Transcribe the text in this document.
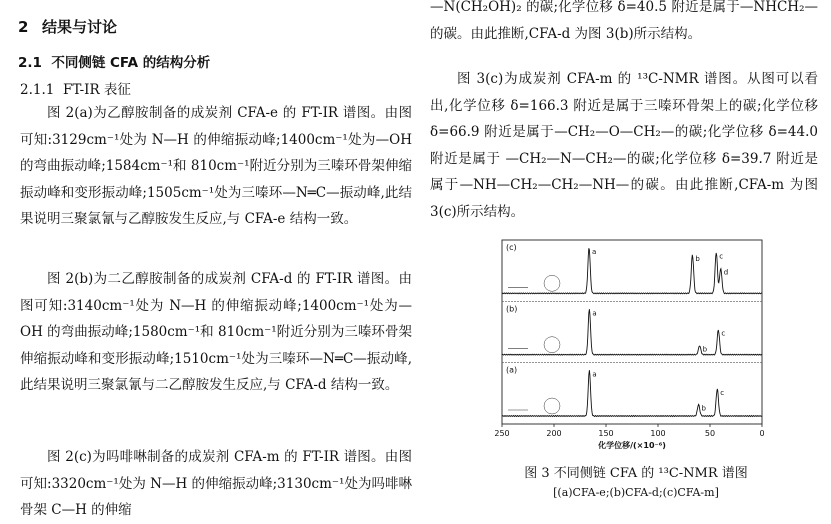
2 结果与讨论
2.1 不同侧链 CFA 的结构分析
2.1.1 FT-IR 表征

图 2(a)为乙醇胺制备的成炭剂 CFA-e 的 FT-IR 谱图。由图可知:3129cm⁻¹处为 N—H 的伸缩振动峰;1400cm⁻¹处为—OH 的弯曲振动峰;1584cm⁻¹和 810cm⁻¹附近分别为三嗪环骨架伸缩振动峰和变形振动峰;1505cm⁻¹处为三嗪环—N═C—振动峰,此结果说明三聚氯氰与乙醇胺发生反应,与 CFA-e 结构一致。

图 2(b)为二乙醇胺制备的成炭剂 CFA-d 的 FT-IR 谱图。由图可知:3140cm⁻¹处为 N—H 的伸缩振动峰;1400cm⁻¹处为—OH 的弯曲振动峰;1580cm⁻¹和 810cm⁻¹附近分别为三嗪环骨架伸缩振动峰和变形振动峰;1510cm⁻¹处为三嗪环—N═C—振动峰,此结果说明三聚氯氰与二乙醇胺发生反应,与 CFA-d 结构一致。

图 2(c)为吗啡啉制备的成炭剂 CFA-m 的 FT-IR 谱图。由图可知:3320cm⁻¹处为 N—H 的伸缩振动峰;3130cm⁻¹处为吗啡啉骨架 C—H 的伸缩

—N(CH₂OH)₂ 的碳;化学位移 δ=40.5 附近是属于—NHCH₂—的碳。由此推断,CFA-d 为图 3(b)所示结构。

图 3(c)为成炭剂 CFA-m 的 ¹³C-NMR 谱图。从图可以看出,化学位移 δ=166.3 附近是属于三嗪环骨架上的碳;化学位移 δ=66.9 附近是属于—CH₂—O—CH₂—的碳;化学位移 δ=44.0 附近是属于 —CH₂—N—CH₂—的碳;化学位移 δ=39.7 附近是属于—NH—CH₂—CH₂—NH—的碳。由此推断,CFA-m 为图 3(c)所示结构。

(c)	a
b	c
d
(b)	a
b
c
(a)	a
b
c
250	200	150	100	50	0
化学位移/(×10⁻⁶)
图 3 不同侧链 CFA 的 ¹³C-NMR 谱图
[(a)CFA-e;(b)CFA-d;(c)CFA-m]
